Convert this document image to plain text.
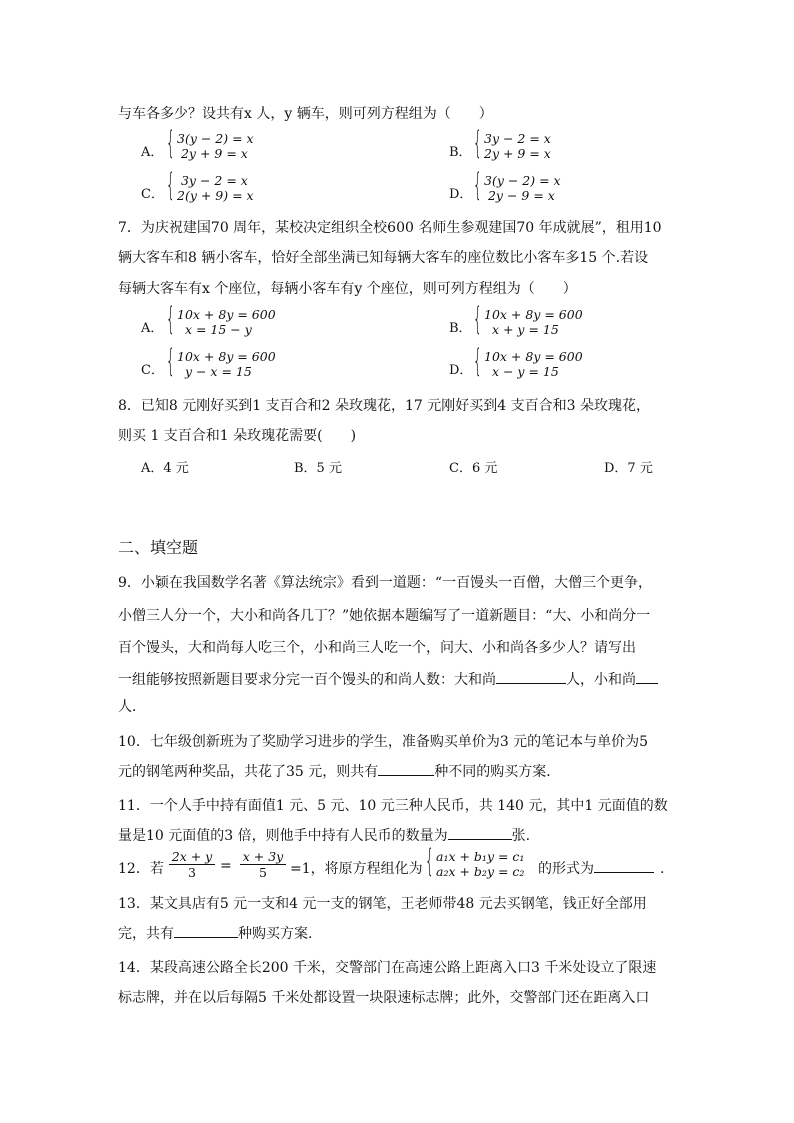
与车各多少？设共有x 人，y 辆车，则可列方程组为（　　）
A． { 3(y − 2) = x
2y + 9 = x	B． { 3y − 2 = x
2y + 9 = x
C． { 3y − 2 = x
2(y + 9) = x	D． { 3(y − 2) = x
2y − 9 = x
7．为庆祝建国70 周年，某校决定组织全校600 名师生参观建国70 年成就展”，租用10
辆大客车和8 辆小客车，恰好全部坐满已知每辆大客车的座位数比小客车多15 个.若设
每辆大客车有x 个座位，每辆小客车有y 个座位，则可列方程组为（　　）
A． { 10x + 8y = 600
x = 15 − y	B． { 10x + 8y = 600
x + y = 15
C． { 10x + 8y = 600
y − x = 15	D． { 10x + 8y = 600
x − y = 15
8．已知8 元刚好买到1 支百合和2 朵玫瑰花，17 元刚好买到4 支百合和3 朵玫瑰花，
则买 1 支百合和1 朵玫瑰花需要(　　)
A．4 元	B．5 元	C．6 元	D．7 元
二、填空题
9．小颖在我国数学名著《算法统宗》看到一道题：“一百馒头一百僧，大僧三个更争，
小僧三人分一个，大小和尚各几丁？”她依据本题编写了一道新题目：“大、小和尚分一
百个馒头，大和尚每人吃三个，小和尚三人吃一个，问大、小和尚各多少人？请写出
一组能够按照新题目要求分完一百个馒头的和尚人数：大和尚	人，小和尚
人．
10．七年级创新班为了奖励学习进步的学生，准备购买单价为3 元的笔记本与单价为5
元的钢笔两种奖品，共花了35 元，则共有	种不同的购买方案．
11．一个人手中持有面值1 元、5 元、10 元三种人民币，共 140 元，其中1 元面值的数
量是10 元面值的3 倍，则他手中持有人民币的数量为	张.
12．若 $\frac{2x + y}{3} = \frac{x + 3y}{5} =1$，将原方程组化为 { a₁x + b₁y = c₁
a₂x + b₂y = c₂ 的形式为	.
13．某文具店有5 元一支和4 元一支的钢笔，王老师带48 元去买钢笔，钱正好全部用
完，共有	种购买方案.
14．某段高速公路全长200 千米，交警部门在高速公路上距离入口3 千米处设立了限速
标志牌，并在以后每隔5 千米处都设置一块限速标志牌；此外，交警部门还在距离入口
